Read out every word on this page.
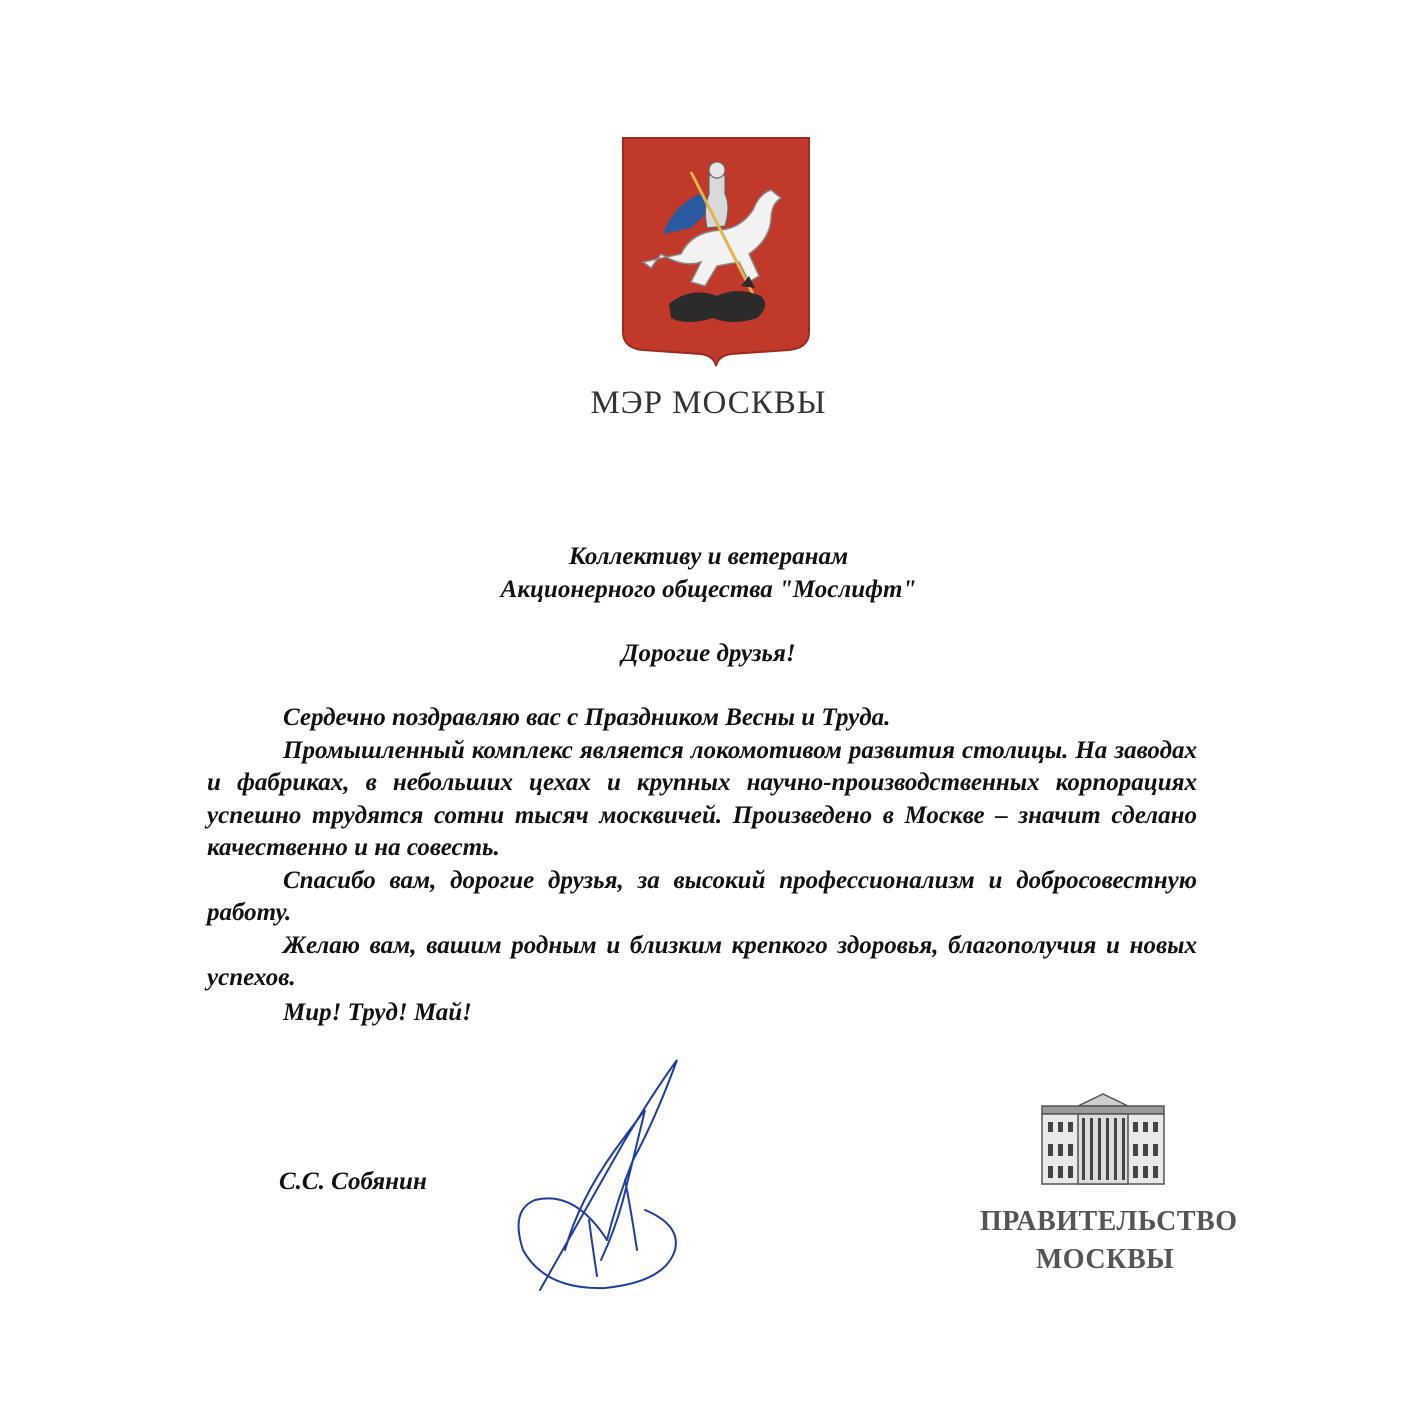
МЭР МОСКВЫ
Коллективу и ветеранам
Акционерного общества "Мослифт"
Дорогие друзья!

Сердечно поздравляю вас с Праздником Весны и Труда.

Промышленный комплекс является локомотивом развития столицы. На заводах и фабриках, в небольших цехах и крупных научно-производственных корпорациях успешно трудятся сотни тысяч москвичей. Произведено в Москве – значит сделано качественно и на совесть.

Спасибо вам, дорогие друзья, за высокий профессионализм и добросовестную работу.

Желаю вам, вашим родным и близким крепкого здоровья, благополучия и новых успехов.

Мир! Труд! Май!

С.С. Собянин
ПРАВИТЕЛЬСТВО
МОСКВЫ
